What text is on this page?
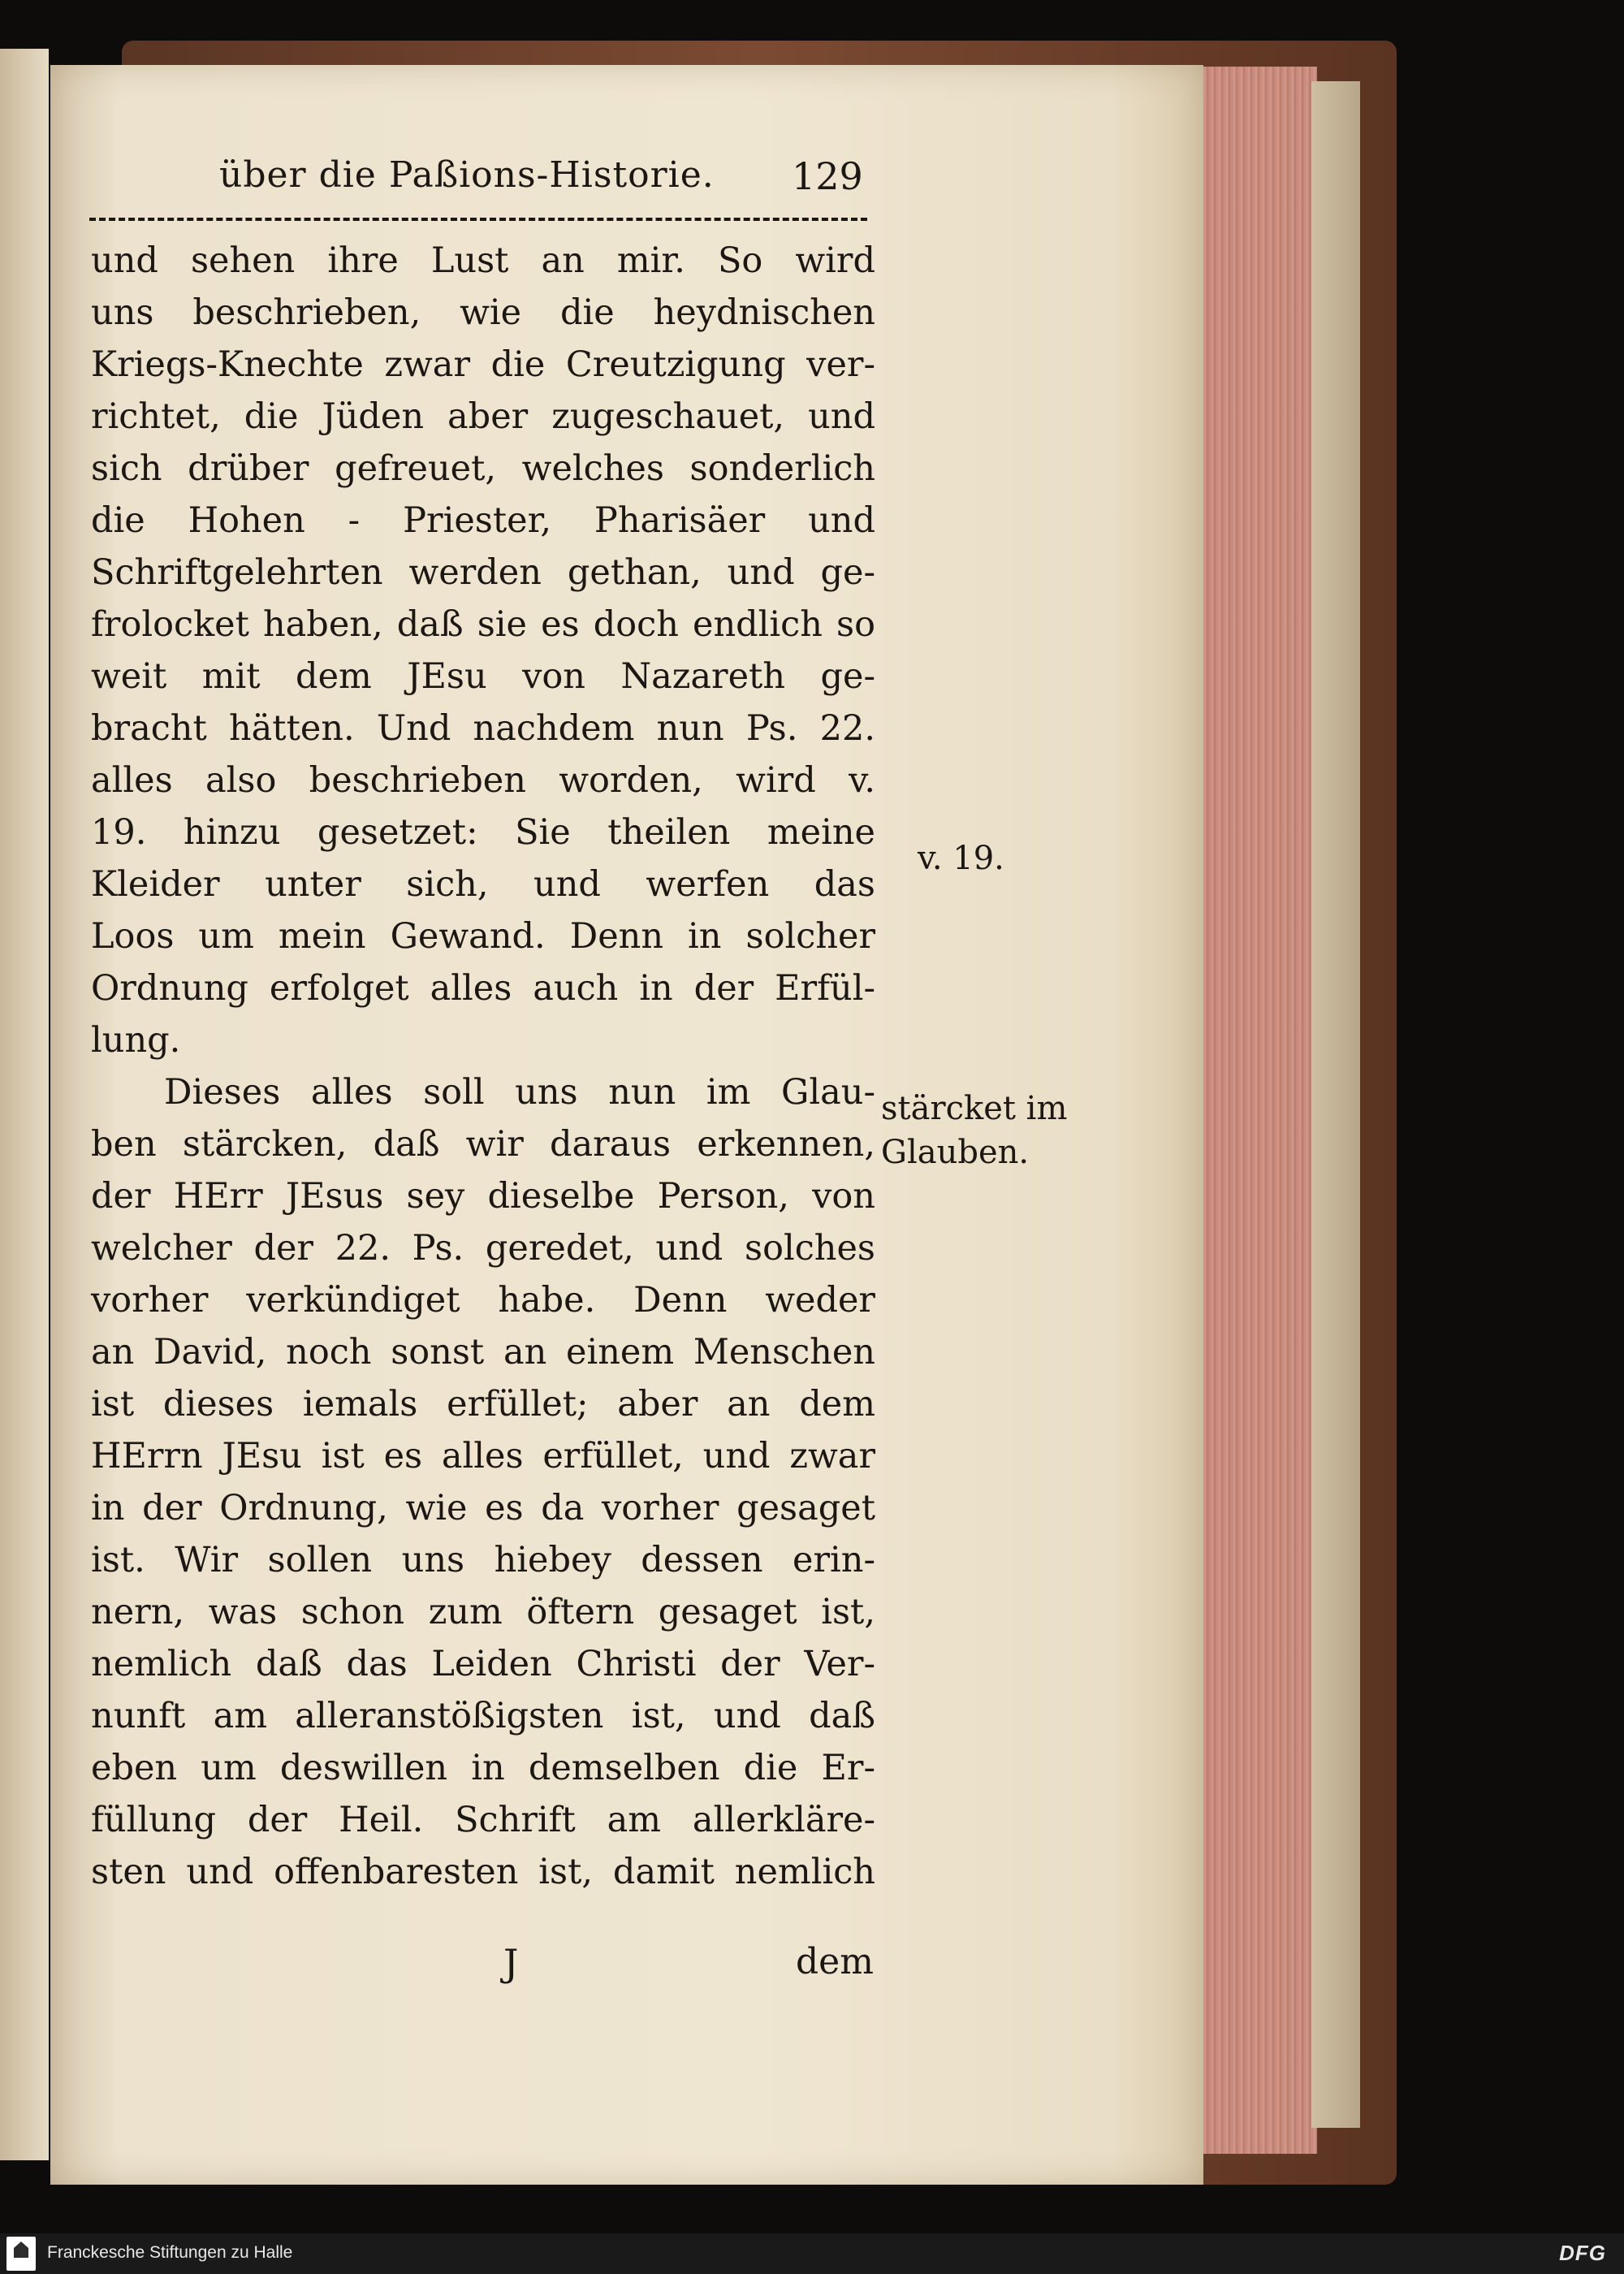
über die Paßions-Historie. 129
und sehen ihre Lust an mir. So wird
uns beschrieben, wie die heydnischen
Kriegs-Knechte zwar die Creutzigung ver-
richtet, die Jüden aber zugeschauet, und
sich drüber gefreuet, welches sonderlich
die Hohen - Priester, Pharisäer und
Schriftgelehrten werden gethan, und ge-
frolocket haben, daß sie es doch endlich so
weit mit dem JEsu von Nazareth ge-
bracht hätten. Und nachdem nun Ps. 22.
alles also beschrieben worden, wird v.
19. hinzu gesetzet: Sie theilen meine
Kleider unter sich, und werfen das
Loos um mein Gewand. Denn in solcher
Ordnung erfolget alles auch in der Erfül-
lung.
Dieses alles soll uns nun im Glau-
ben stärcken, daß wir daraus erkennen,
der HErr JEsus sey dieselbe Person, von
welcher der 22. Ps. geredet, und solches
vorher verkündiget habe. Denn weder
an David, noch sonst an einem Menschen
ist dieses iemals erfüllet; aber an dem
HErrn JEsu ist es alles erfüllet, und zwar
in der Ordnung, wie es da vorher gesaget
ist. Wir sollen uns hiebey dessen erin-
nern, was schon zum öftern gesaget ist,
nemlich daß das Leiden Christi der Ver-
nunft am alleranstößigsten ist, und daß
eben um deswillen in demselben die Er-
füllung der Heil. Schrift am allerkläre-
sten und offenbaresten ist, damit nemlich
v. 19.
stärcket im
Glauben.
J	dem
Franckesche Stiftungen zu Halle	DFG
